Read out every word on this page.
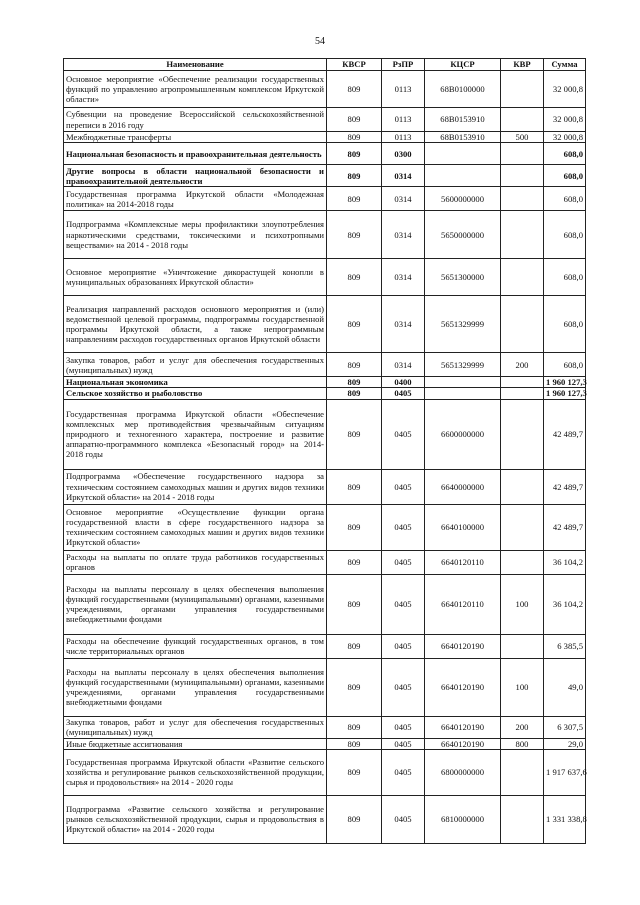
54
Наименование	КВСР	РзПР	КЦСР	КВР	Сумма
Основное мероприятие «Обеспечение реализации государственных функций по управлению агропромышленным комплексом Иркутской области»	809	0113	68В0100000		32 000,8
Субвенции на проведение Всероссийской сельскохозяйственной переписи в 2016 году	809	0113	68В0153910		32 000,8
Межбюджетные трансферты	809	0113	68В0153910	500	32 000,8
Национальная безопасность и правоохранительная деятельность	809	0300			608,0
Другие вопросы в области национальной безопасности и правоохранительной деятельности	809	0314			608,0
Государственная программа Иркутской области «Молодежная политика» на 2014-2018 годы	809	0314	5600000000		608,0
Подпрограмма «Комплексные меры профилактики злоупотребления наркотическими средствами, токсическими и психотропными веществами» на 2014 - 2018 годы	809	0314	5650000000		608,0
Основное мероприятие «Уничтожение дикорастущей конопли в муниципальных образованиях Иркутской области»	809	0314	5651300000		608,0
Реализация направлений расходов основного мероприятия и (или) ведомственной целевой программы, подпрограммы государственной программы Иркутской области, а также непрограммным направлениям расходов государственных органов Иркутской области	809	0314	5651329999		608,0
Закупка товаров, работ и услуг для обеспечения государственных (муниципальных) нужд	809	0314	5651329999	200	608,0
Национальная экономика	809	0400			1 960 127,3
Сельское хозяйство и рыболовство	809	0405			1 960 127,3
Государственная программа Иркутской области «Обеспечение комплексных мер противодействия чрезвычайным ситуациям природного и техногенного характера, построение и развитие аппаратно-программного комплекса «Безопасный город» на 2014-2018 годы	809	0405	6600000000		42 489,7
Подпрограмма «Обеспечение государственного надзора за техническим состоянием самоходных машин и других видов техники Иркутской области» на 2014 - 2018 годы	809	0405	6640000000		42 489,7
Основное мероприятие «Осуществление функции органа государственной власти в сфере государственного надзора за техническим состоянием самоходных машин и других видов техники Иркутской области»	809	0405	6640100000		42 489,7
Расходы на выплаты по оплате труда работников государственных органов	809	0405	6640120110		36 104,2
Расходы на выплаты персоналу в целях обеспечения выполнения функций государственными (муниципальными) органами, казенными учреждениями, органами управления государственными внебюджетными фондами	809	0405	6640120110	100	36 104,2
Расходы на обеспечение функций государственных органов, в том числе территориальных органов	809	0405	6640120190		6 385,5
Расходы на выплаты персоналу в целях обеспечения выполнения функций государственными (муниципальными) органами, казенными учреждениями, органами управления государственными внебюджетными фондами	809	0405	6640120190	100	49,0
Закупка товаров, работ и услуг для обеспечения государственных (муниципальных) нужд	809	0405	6640120190	200	6 307,5
Иные бюджетные ассигнования	809	0405	6640120190	800	29,0
Государственная программа Иркутской области «Развитие сельского хозяйства и регулирование рынков сельскохозяйственной продукции, сырья и продовольствия» на 2014 - 2020 годы	809	0405	6800000000		1 917 637,6
Подпрограмма «Развитие сельского хозяйства и регулирование рынков сельскохозяйственной продукции, сырья и продовольствия в Иркутской области» на 2014 - 2020 годы	809	0405	6810000000		1 331 338,8
